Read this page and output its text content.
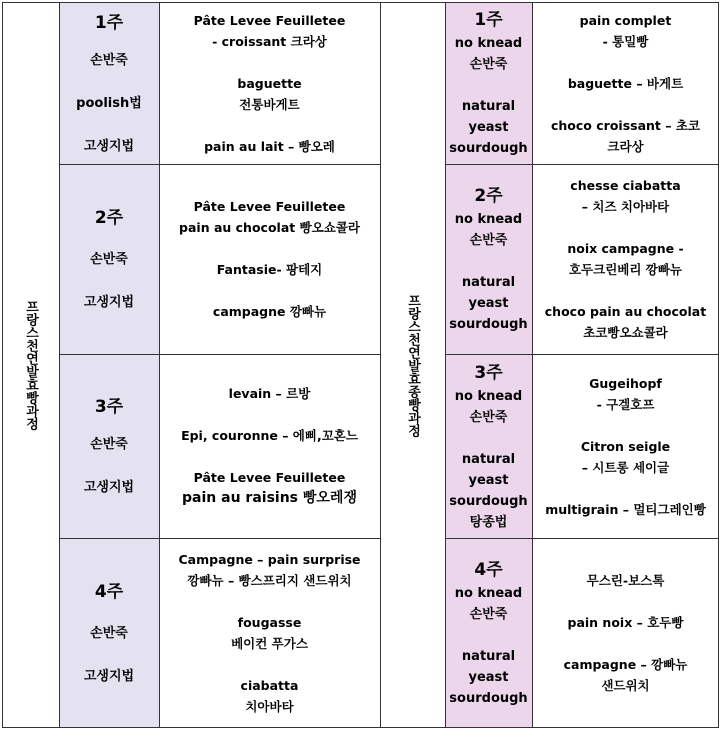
프랑스천연발효빵과정
1주
손반죽
poolish법
고생지법
2주
손반죽
고생지법
3주
손반죽
고생지법
4주
손반죽
고생지법
Pâte Levee Feuilletee
- croissant 크라상
baguette
전통바게트
pain au lait – 빵오레
Pâte Levee Feuilletee
pain au chocolat 빵오쇼콜라
Fantasie- 팡테지
campagne 깡빠뉴
levain – 르방
Epi, couronne – 에삐,꼬혼느
Pâte Levee Feuilletee
pain au raisins 빵오레쟁
Campagne – pain surprise
깡빠뉴 – 빵스프리지 샌드위치
fougasse
베이컨 푸가스
ciabatta
치아바타
프랑스천연발효종빵과정
1주
no knead
손반죽
natural
yeast
sourdough
2주
no knead
손반죽
natural
yeast
sourdough
3주
no knead
손반죽
natural
yeast
sourdough
탕종법
4주
no knead
손반죽
natural
yeast
sourdough
pain complet
- 통밀빵
baguette – 바게트
choco croissant – 초코
크라상
chesse ciabatta
– 치즈 치아바타
noix campagne -
호두크린베리 깡빠뉴
choco pain au chocolat
초코빵오쇼콜라
Gugeihopf
- 구겔호프
Citron seigle
– 시트롱 세이글
multigrain – 멀티그레인빵
무스린-보스톡
pain noix – 호두빵
campagne – 깡빠뉴
샌드위치
